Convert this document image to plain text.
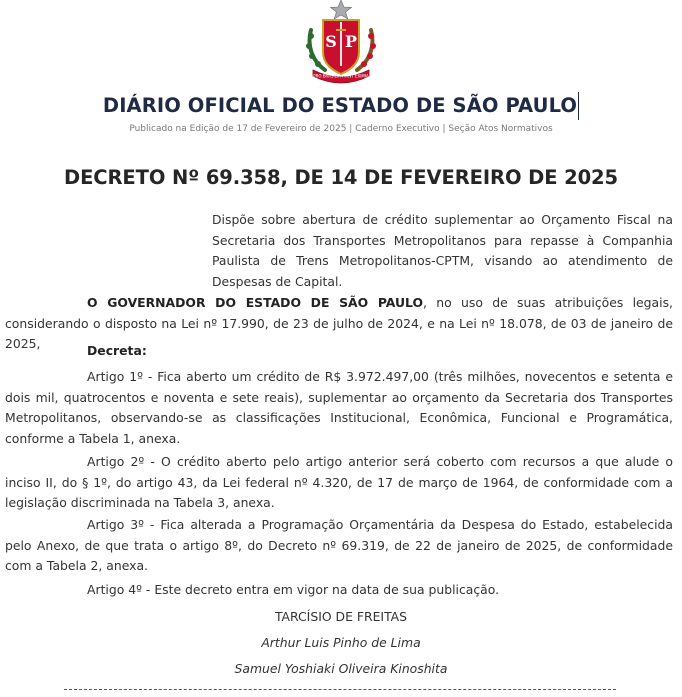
S P
PRO BRASILIA FIANT EXIMIA
DIÁRIO OFICIAL DO ESTADO DE SÃO PAULO
Publicado na Edição de 17 de Fevereiro de 2025 | Caderno Executivo | Seção Atos Normativos
DECRETO Nº 69.358, DE 14 DE FEVEREIRO DE 2025
Dispõe sobre abertura de crédito suplementar ao Orçamento Fiscal na Secretaria dos Transportes Metropolitanos para repasse à Companhia Paulista de Trens Metropolitanos-CPTM, visando ao atendimento de Despesas de Capital.

O GOVERNADOR DO ESTADO DE SÃO PAULO, no uso de suas atribuições legais, considerando o disposto na Lei nº 17.990, de 23 de julho de 2024, e na Lei nº 18.078, de 03 de janeiro de 2025,	Decreta:

Artigo 1º - Fica aberto um crédito de R$ 3.972.497,00 (três milhões, novecentos e setenta e dois mil, quatrocentos e noventa e sete reais), suplementar ao orçamento da Secretaria dos Transportes Metropolitanos, observando-se as classificações Institucional, Econômica, Funcional e Programática, conforme a Tabela 1, anexa.

Artigo 2º - O crédito aberto pelo artigo anterior será coberto com recursos a que alude o inciso II, do § 1º, do artigo 43, da Lei federal nº 4.320, de 17 de março de 1964, de conformidade com a legislação discriminada na Tabela 3, anexa.

Artigo 3º - Fica alterada a Programação Orçamentária da Despesa do Estado, estabelecida pelo Anexo, de que trata o artigo 8º, do Decreto nº 69.319, de 22 de janeiro de 2025, de conformidade com a Tabela 2, anexa.

Artigo 4º - Este decreto entra em vigor na data de sua publicação.

TARCÍSIO DE FREITAS
Arthur Luis Pinho de Lima
Samuel Yoshiaki Oliveira Kinoshita
